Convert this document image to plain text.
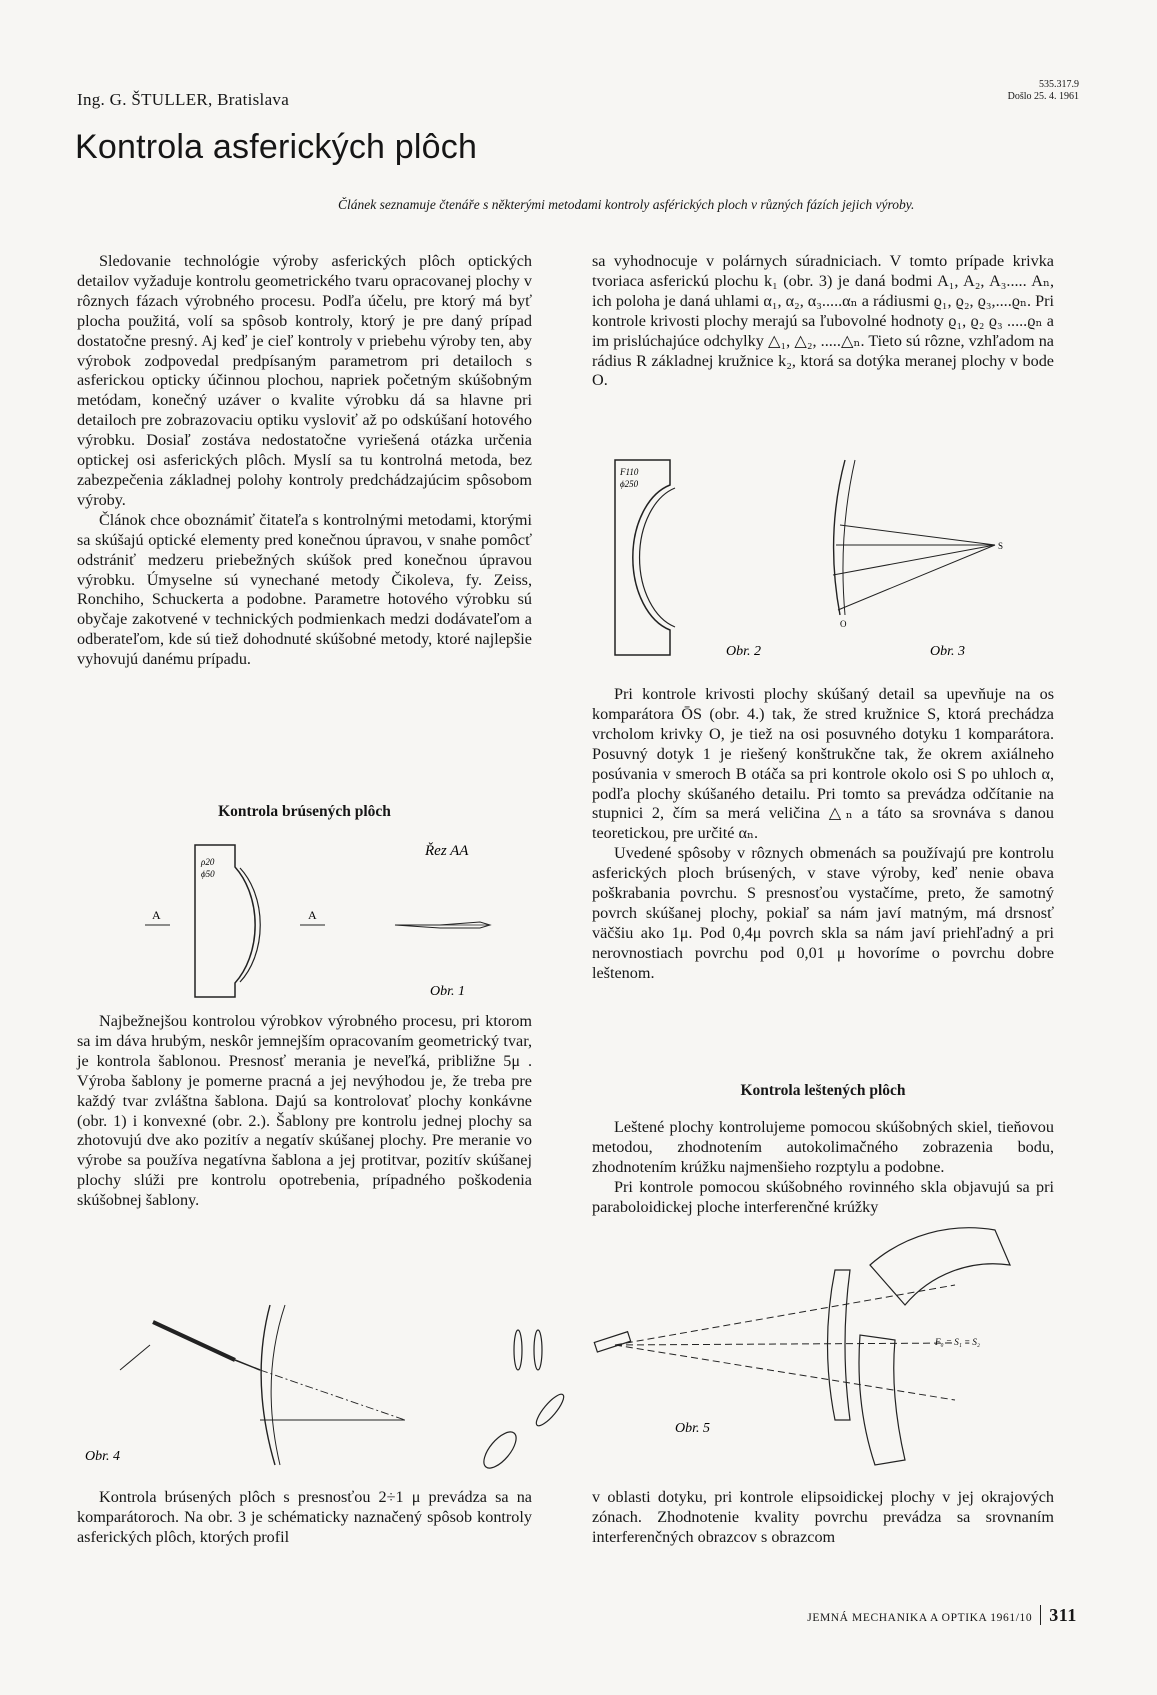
Ing. G. ŠTULLER, Bratislava
535.317.9
Došlo 25. 4. 1961
Kontrola asferických plôch
Článek seznamuje čtenáře s některými metodami kontroly asférických ploch v různých fázích jejich výroby.

Sledovanie technológie výroby asferických plôch optických detailov vyžaduje kontrolu geometrického tvaru opracovanej plochy v rôznych fázach výrobného procesu. Podľa účelu, pre ktorý má byť plocha použitá, volí sa spôsob kontroly, ktorý je pre daný prípad dostatočne presný. Aj keď je cieľ kontroly v priebehu výroby ten, aby výrobok zodpovedal predpísaným parametrom pri detailoch s asferickou opticky účinnou plochou, napriek početným skúšobným metódam, konečný uzáver o kvalite výrobku dá sa hlavne pri detailoch pre zobrazovaciu optiku vysloviť až po odskúšaní hotového výrobku. Dosiaľ zostáva nedostatočne vyriešená otázka určenia optickej osi asferických plôch. Myslí sa tu kontrolná metoda, bez zabezpečenia základnej polohy kontroly predchádzajúcim spôsobom výroby.

Článok chce oboznámiť čitateľa s kontrolnými metodami, ktorými sa skúšajú optické elementy pred konečnou úpravou, v snahe pomôcť odstrániť medzeru priebežných skúšok pred konečnou úpravou výrobku. Úmyselne sú vynechané metody Čikoleva, fy. Zeiss, Ronchiho, Schuckerta a podobne. Parametre hotového výrobku sú obyčaje zakotvené v technických podmienkach medzi dodávateľom a odberateľom, kde sú tiež dohodnuté skúšobné metody, ktoré najlepšie vyhovujú danému prípadu.

Kontrola brúsených plôch
A	A
ρ20
ϕ50
Řez AA
Obr. 1

Najbežnejšou kontrolou výrobkov výrobného procesu, pri ktorom sa im dáva hrubým, neskôr jemnejším opracovaním geometrický tvar, je kontrola šablonou. Presnosť merania je neveľká, približne 5μ . Výroba šablony je pomerne pracná a jej nevýhodou je, že treba pre každý tvar zvláštna šablona. Dajú sa kontrolovať plochy konkávne (obr. 1) i konvexné (obr. 2.). Šablony pre kontrolu jednej plochy sa zhotovujú dve ako pozitív a negatív skúšanej plochy. Pre meranie vo výrobe sa používa negatívna šablona a jej protitvar, pozitív skúšanej plochy slúži pre kontrolu opotrebenia, prípadného poškodenia skúšobnej šablony.

sa vyhodnocuje v polárnych súradniciach. V tomto prípade krivka tvoriaca asferickú plochu k₁ (obr. 3) je daná bodmi A₁, A₂, A₃..... Aₙ, ich poloha je daná uhlami α₁, α₂, α₃.....αₙ a rádiusmi ϱ₁, ϱ₂, ϱ₃,....ϱₙ. Pri kontrole krivosti plochy merajú sa ľubovolné hodnoty ϱ₁, ϱ₂ ϱ₃ .....ϱₙ a im prislúchajúce odchylky △₁, △₂, .....△ₙ. Tieto sú rôzne, vzhľadom na rádius R základnej kružnice k₂, ktorá sa dotýka meranej plochy v bode O.

F110
ϕ250
Obr. 2
S
O
Obr. 3

Pri kontrole krivosti plochy skúšaný detail sa upevňuje na os komparátora ŌS (obr. 4.) tak, že stred kružnice S, ktorá prechádza vrcholom krivky O, je tiež na osi posuvného dotyku 1 komparátora. Posuvný dotyk 1 je riešený konštrukčne tak, že okrem axiálneho posúvania v smeroch B otáča sa pri kontrole okolo osi S po uhloch α, podľa plochy skúšaného detailu. Pri tomto sa prevádza odčítanie na stupnici 2, čím sa merá veličina △ₙ a táto sa srovnáva s danou teoretickou, pre určité αₙ.

Uvedené spôsoby v rôznych obmenách sa používajú pre kontrolu asferických ploch brúsených, v stave výroby, keď nenie obava poškrabania povrchu. S presnosťou vystačíme, preto, že samotný povrch skúšanej plochy, pokiaľ sa nám javí matným, má drsnosť väčšiu ako 1μ. Pod 0,4μ povrch skla sa nám javí priehľadný a pri nerovnostiach povrchu pod 0,01 μ hovoríme o povrchu dobre leštenom.

Kontrola leštených plôch

Leštené plochy kontrolujeme pomocou skúšobných skiel, tieňovou metodou, zhodnotením autokolimačného zobrazenia bodu, zhodnotením krúžku najmenšieho rozptylu a podobne.

Pri kontrole pomocou skúšobného rovinného skla objavujú sa pri paraboloidickej ploche interferenčné krúžky

Obr. 4
F₀ = S₁ ≡ S₂
Obr. 5

Kontrola brúsených plôch s presnosťou 2÷1 μ prevádza sa na komparátoroch. Na obr. 3 je schématicky naznačený spôsob kontroly asferických plôch, ktorých profil

v oblasti dotyku, pri kontrole elipsoidickej plochy v jej okrajových zónach. Zhodnotenie kvality povrchu prevádza sa srovnaním interferenčných obrazcov s obrazcom

JEMNÁ MECHANIKA A OPTIKA 1961/10 311
